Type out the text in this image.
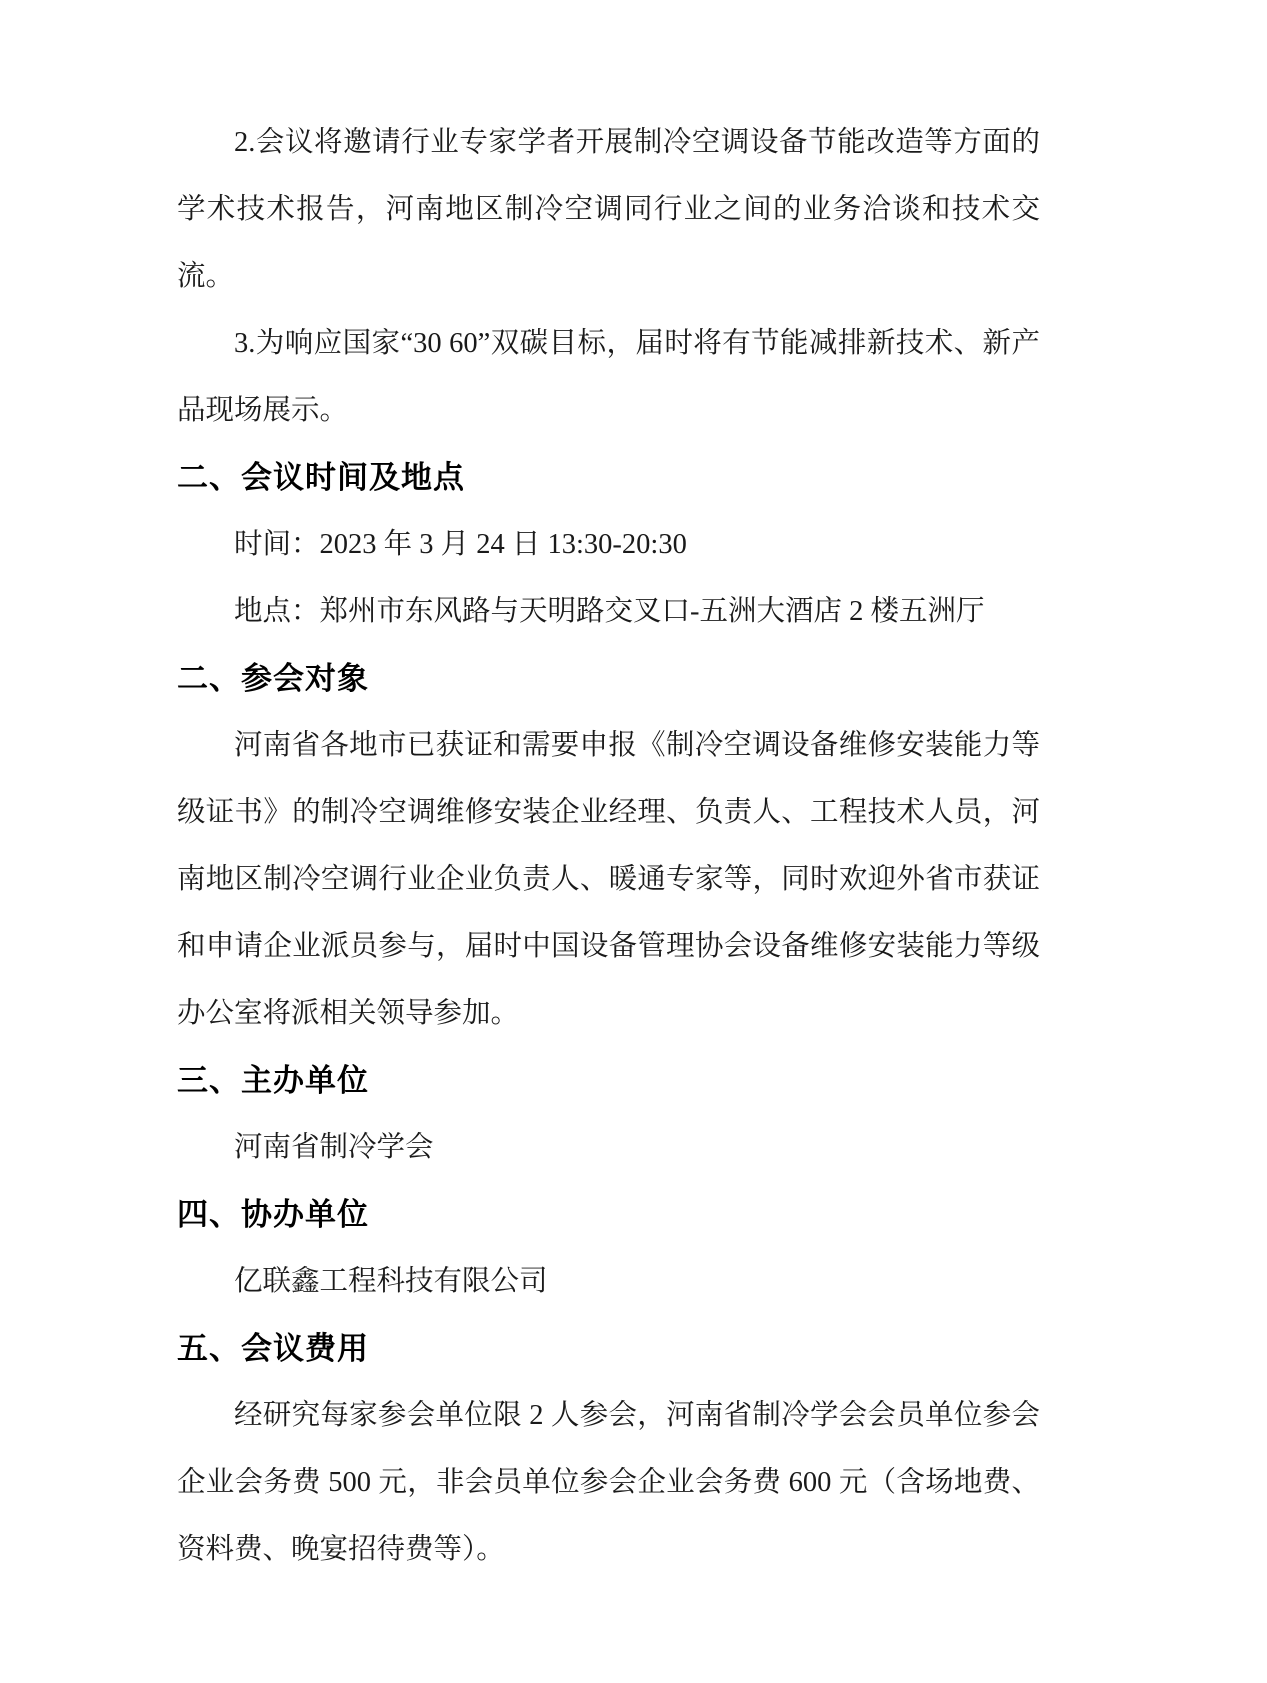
2.会议将邀请行业专家学者开展制冷空调设备节能改造等方面的学术技术报告，河南地区制冷空调同行业之间的业务洽谈和技术交流。

3.为响应国家“30 60”双碳目标，届时将有节能减排新技术、新产品现场展示。

二、会议时间及地点

时间：2023 年 3 月 24 日 13:30-20:30

地点：郑州市东风路与天明路交叉口-五洲大酒店 2 楼五洲厅

二、参会对象

河南省各地市已获证和需要申报《制冷空调设备维修安装能力等级证书》的制冷空调维修安装企业经理、负责人、工程技术人员，河南地区制冷空调行业企业负责人、暖通专家等，同时欢迎外省市获证和申请企业派员参与，届时中国设备管理协会设备维修安装能力等级办公室将派相关领导参加。

三、主办单位

河南省制冷学会

四、协办单位

亿联鑫工程科技有限公司

五、会议费用

经研究每家参会单位限 2 人参会，河南省制冷学会会员单位参会企业会务费 500 元，非会员单位参会企业会务费 600 元（含场地费、资料费、晚宴招待费等）。
